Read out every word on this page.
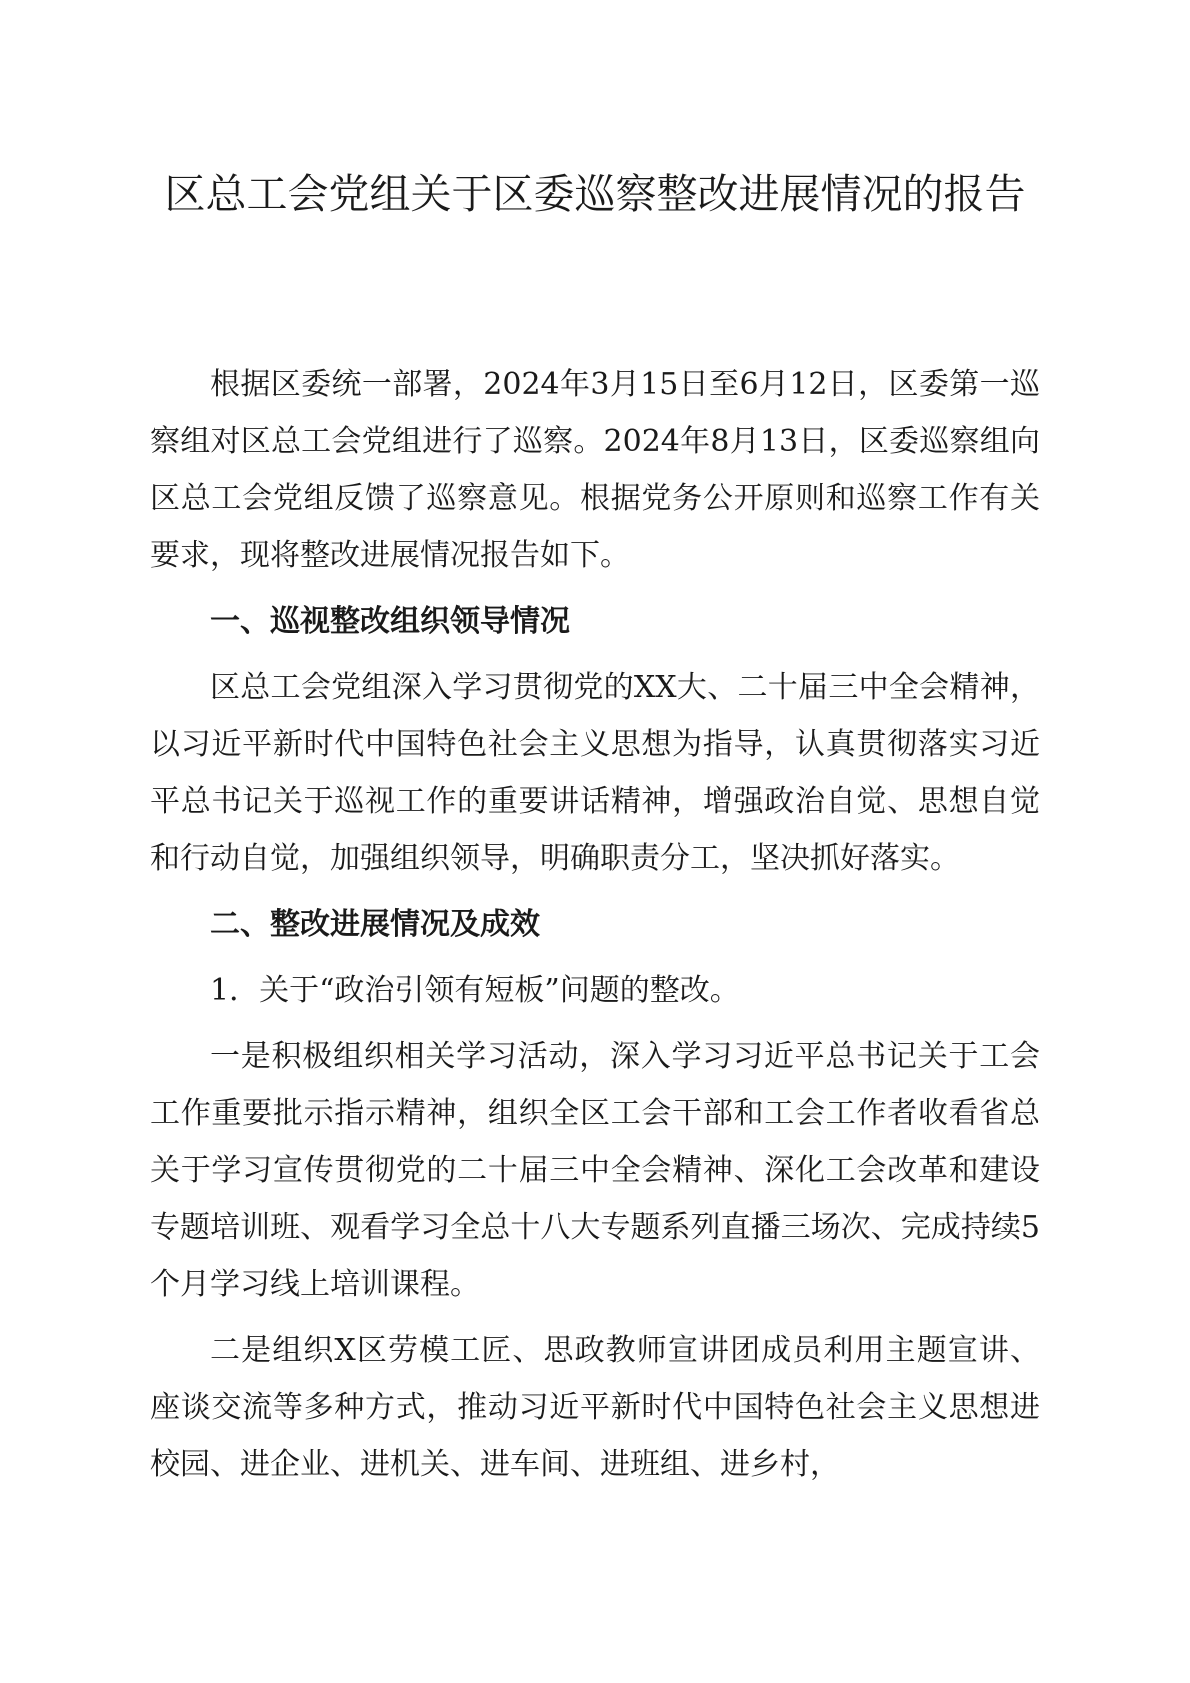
区总工会党组关于区委巡察整改进展情况的报告

根据区委统一部署，2024年3月15日至6月12日，区委第一巡察组对区总工会党组进行了巡察。2024年8月13日，区委巡察组向区总工会党组反馈了巡察意见。根据党务公开原则和巡察工作有关要求，现将整改进展情况报告如下。

一、巡视整改组织领导情况

区总工会党组深入学习贯彻党的XX大、二十届三中全会精神，以习近平新时代中国特色社会主义思想为指导，认真贯彻落实习近平总书记关于巡视工作的重要讲话精神，增强政治自觉、思想自觉和行动自觉，加强组织领导，明确职责分工，坚决抓好落实。

二、整改进展情况及成效

1．关于“政治引领有短板”问题的整改。

一是积极组织相关学习活动，深入学习习近平总书记关于工会工作重要批示指示精神，组织全区工会干部和工会工作者收看省总关于学习宣传贯彻党的二十届三中全会精神、深化工会改革和建设专题培训班、观看学习全总十八大专题系列直播三场次、完成持续5个月学习线上培训课程。

二是组织X区劳模工匠、思政教师宣讲团成员利用主题宣讲、座谈交流等多种方式，推动习近平新时代中国特色社会主义思想进校园、进企业、进机关、进车间、进班组、进乡村，
